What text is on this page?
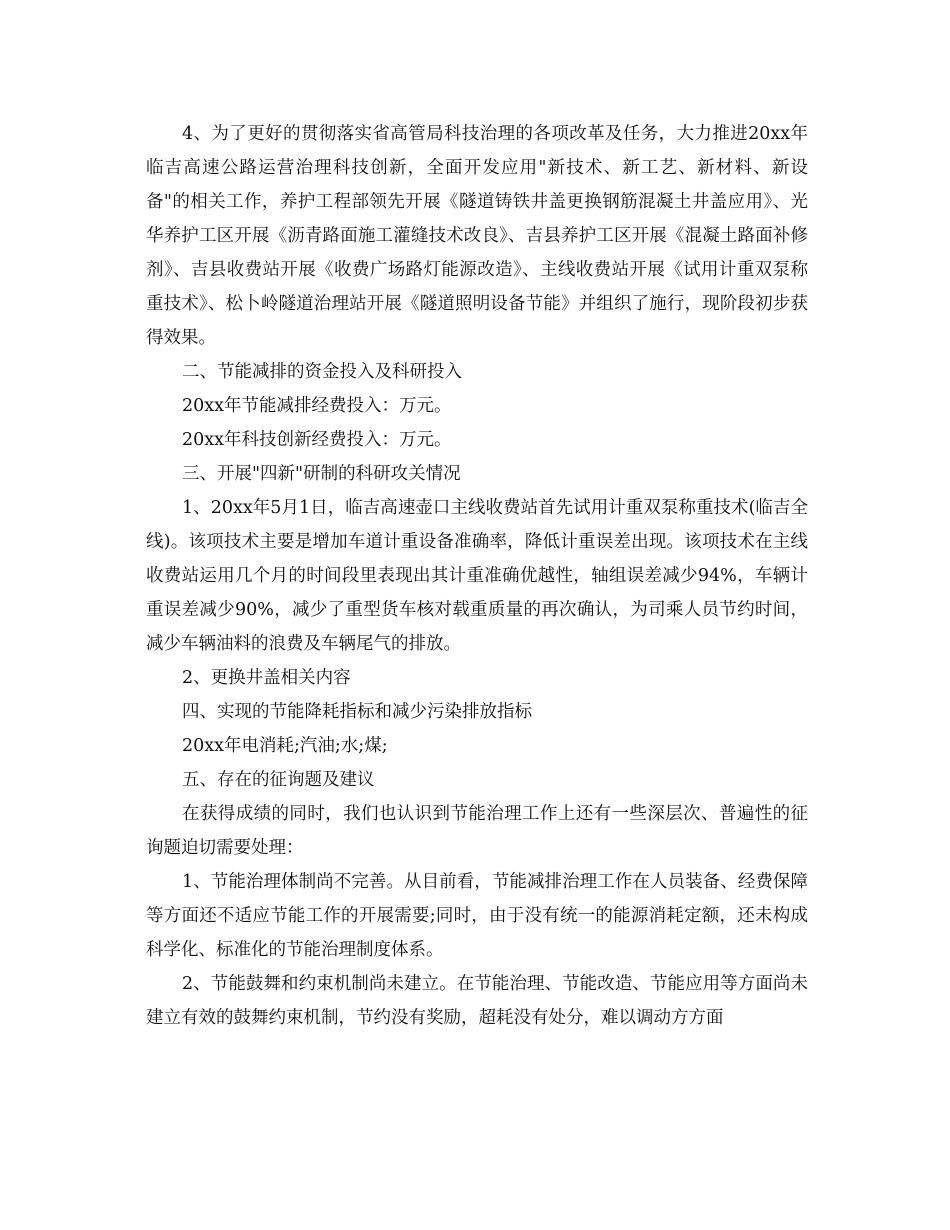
4、为了更好的贯彻落实省高管局科技治理的各项改革及任务，大力推进20xx年临吉高速公路运营治理科技创新，全面开发应用"新技术、新工艺、新材料、新设备"的相关工作，养护工程部领先开展《隧道铸铁井盖更换钢筋混凝土井盖应用》、光华养护工区开展《沥青路面施工灌缝技术改良》、吉县养护工区开展《混凝土路面补修剂》、吉县收费站开展《收费广场路灯能源改造》、主线收费站开展《试用计重双泵称重技术》、松卜岭隧道治理站开展《隧道照明设备节能》并组织了施行，现阶段初步获得效果。

二、节能减排的资金投入及科研投入

20xx年节能减排经费投入：万元。

20xx年科技创新经费投入：万元。

三、开展"四新"研制的科研攻关情况

1、20xx年5月1日，临吉高速壶口主线收费站首先试用计重双泵称重技术(临吉全线)。该项技术主要是增加车道计重设备准确率，降低计重误差出现。该项技术在主线收费站运用几个月的时间段里表现出其计重准确优越性，轴组误差减少94%，车辆计重误差减少90%，减少了重型货车核对载重质量的再次确认，为司乘人员节约时间，减少车辆油料的浪费及车辆尾气的排放。

2、更换井盖相关内容

四、实现的节能降耗指标和减少污染排放指标

20xx年电消耗;汽油;水;煤;

五、存在的征询题及建议

在获得成绩的同时，我们也认识到节能治理工作上还有一些深层次、普遍性的征询题迫切需要处理：

1、节能治理体制尚不完善。从目前看，节能减排治理工作在人员装备、经费保障等方面还不适应节能工作的开展需要;同时，由于没有统一的能源消耗定额，还未构成科学化、标准化的节能治理制度体系。

2、节能鼓舞和约束机制尚未建立。在节能治理、节能改造、节能应用等方面尚未建立有效的鼓舞约束机制，节约没有奖励，超耗没有处分，难以调动方方面
